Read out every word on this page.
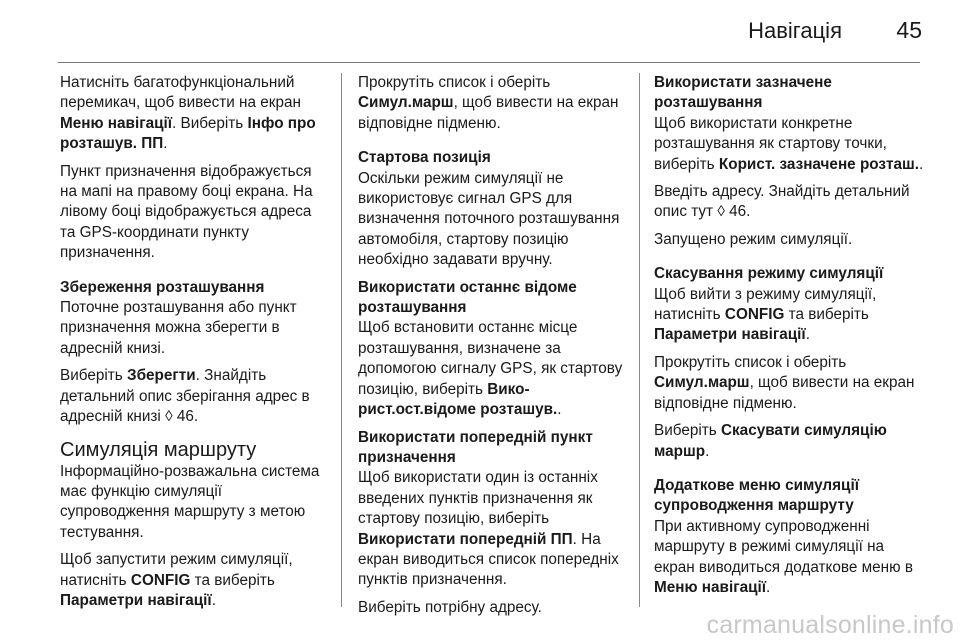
Навігація 45

Натисніть багатофункціональний перемикач, щоб вивести на екран Меню навігації. Виберіть Інфо про розташув. ПП.

Пункт призначення відображується на мапі на правому боці екрана. На лівому боці відображується адреса та GPS-координати пункту призначення.

Збереження розташування

Поточне розташування або пункт призначення можна зберегти в адресній книзі.

Виберіть Зберегти. Знайдіть детальний опис зберігання адрес в адресній книзі ◊ 46.

Симуляція маршруту

Інформаційно-розважальна система має функцію симуляції супроводження маршруту з метою тестування.

Щоб запустити режим симуляції, натисніть CONFIG та виберіть Параметри навігації.

Прокрутіть список і оберіть Симул.марш, щоб вивести на екран відповідне підменю.

Стартова позиція

Оскільки режим симуляції не використовує сигнал GPS для визначення поточного розташування автомобіля, стартову позицію необхідно задавати вручну.

Використати останнє відоме розташування

Щоб встановити останнє місце розташування, визначене за допомогою сигналу GPS, як стартову позицію, виберіть Вико-рист.ост.відоме розташув..

Використати попередній пункт призначення

Щоб використати один із останніх введених пунктів призначення як стартову позицію, виберіть Використати попередній ПП. На екран виводиться список попередніх пунктів призначення.

Виберіть потрібну адресу.

Використати зазначене розташування

Щоб використати конкретне розташування як стартову точки, виберіть Корист. зазначене розташ..

Введіть адресу. Знайдіть детальний опис тут ◊ 46.

Запущено режим симуляції.

Скасування режиму симуляції

Щоб вийти з режиму симуляції, натисніть CONFIG та виберіть Параметри навігації.

Прокрутіть список і оберіть Симул.марш, щоб вивести на екран відповідне підменю.

Виберіть Скасувати симуляцію маршр.

Додаткове меню симуляції супроводження маршруту

При активному супроводженні маршруту в режимі симуляції на екран виводиться додаткове меню в Меню навігації.

carmanualsonline.info
